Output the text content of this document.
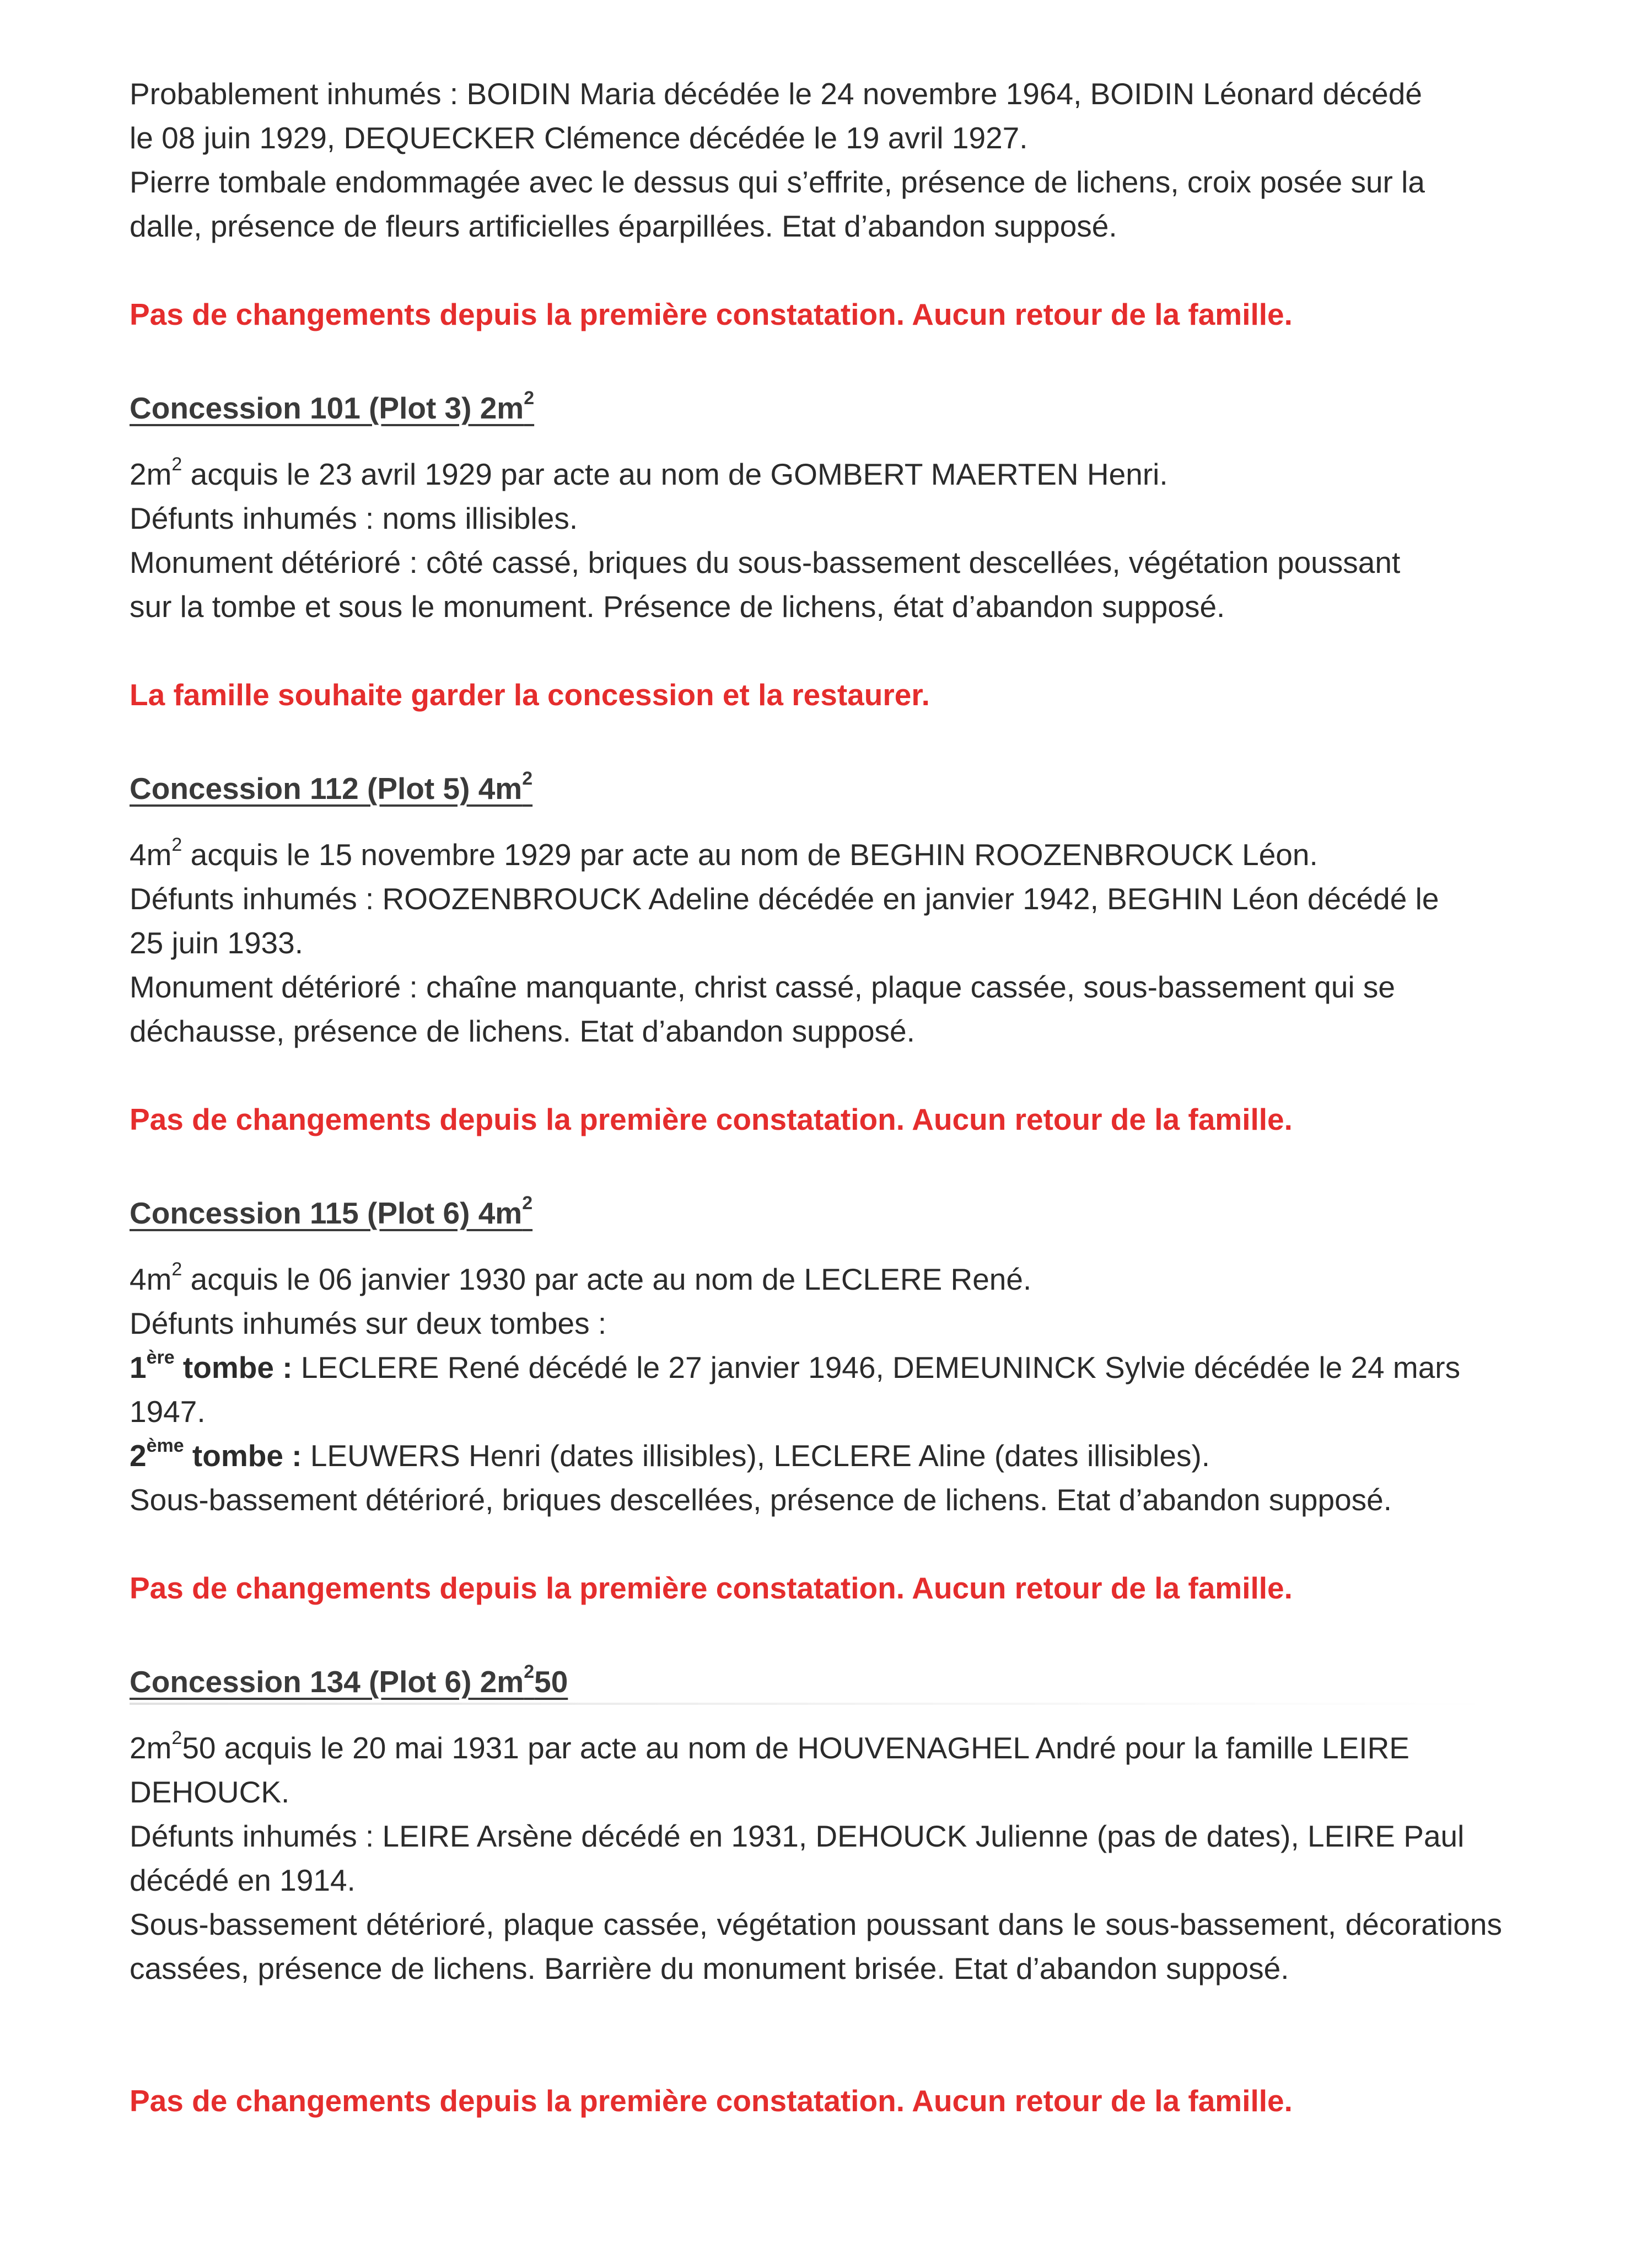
Probablement inhumés : BOIDIN Maria décédée le 24 novembre 1964, BOIDIN Léonard décédé
le 08 juin 1929, DEQUECKER Clémence décédée le 19 avril 1927.
Pierre tombale endommagée avec le dessus qui s’effrite, présence de lichens, croix posée sur la
dalle, présence de fleurs artificielles éparpillées. Etat d’abandon supposé.

Pas de changements depuis la première constatation. Aucun retour de la famille.

Concession 101 (Plot 3) $2m^2$

$2m^2$ acquis le 23 avril 1929 par acte au nom de GOMBERT MAERTEN Henri.
Défunts inhumés : noms illisibles.
Monument détérioré : côté cassé, briques du sous-bassement descellées, végétation poussant
sur la tombe et sous le monument. Présence de lichens, état d’abandon supposé.

La famille souhaite garder la concession et la restaurer.

Concession 112 (Plot 5) $4m^2$

$4m^2$ acquis le 15 novembre 1929 par acte au nom de BEGHIN ROOZENBROUCK Léon.
Défunts inhumés : ROOZENBROUCK Adeline décédée en janvier 1942, BEGHIN Léon décédé le
25 juin 1933.
Monument détérioré : chaîne manquante, christ cassé, plaque cassée, sous-bassement qui se
déchausse, présence de lichens. Etat d’abandon supposé.

Pas de changements depuis la première constatation. Aucun retour de la famille.

Concession 115 (Plot 6) $4m^2$

$4m^2$ acquis le 06 janvier 1930 par acte au nom de LECLERE René.
Défunts inhumés sur deux tombes :
1ère tombe : LECLERE René décédé le 27 janvier 1946, DEMEUNINCK Sylvie décédée le 24 mars
1947.
2ème tombe : LEUWERS Henri (dates illisibles), LECLERE Aline (dates illisibles).
Sous-bassement détérioré, briques descellées, présence de lichens. Etat d’abandon supposé.

Pas de changements depuis la première constatation. Aucun retour de la famille.

Concession 134 (Plot 6) $2m^250$

$2m^250$ acquis le 20 mai 1931 par acte au nom de HOUVENAGHEL André pour la famille LEIRE
DEHOUCK.
Défunts inhumés : LEIRE Arsène décédé en 1931, DEHOUCK Julienne (pas de dates), LEIRE Paul
décédé en 1914.

Sous-bassement détérioré, plaque cassée, végétation poussant dans le sous-bassement, décorations cassées, présence de lichens. Barrière du monument brisée. Etat d’abandon supposé.

Pas de changements depuis la première constatation. Aucun retour de la famille.
